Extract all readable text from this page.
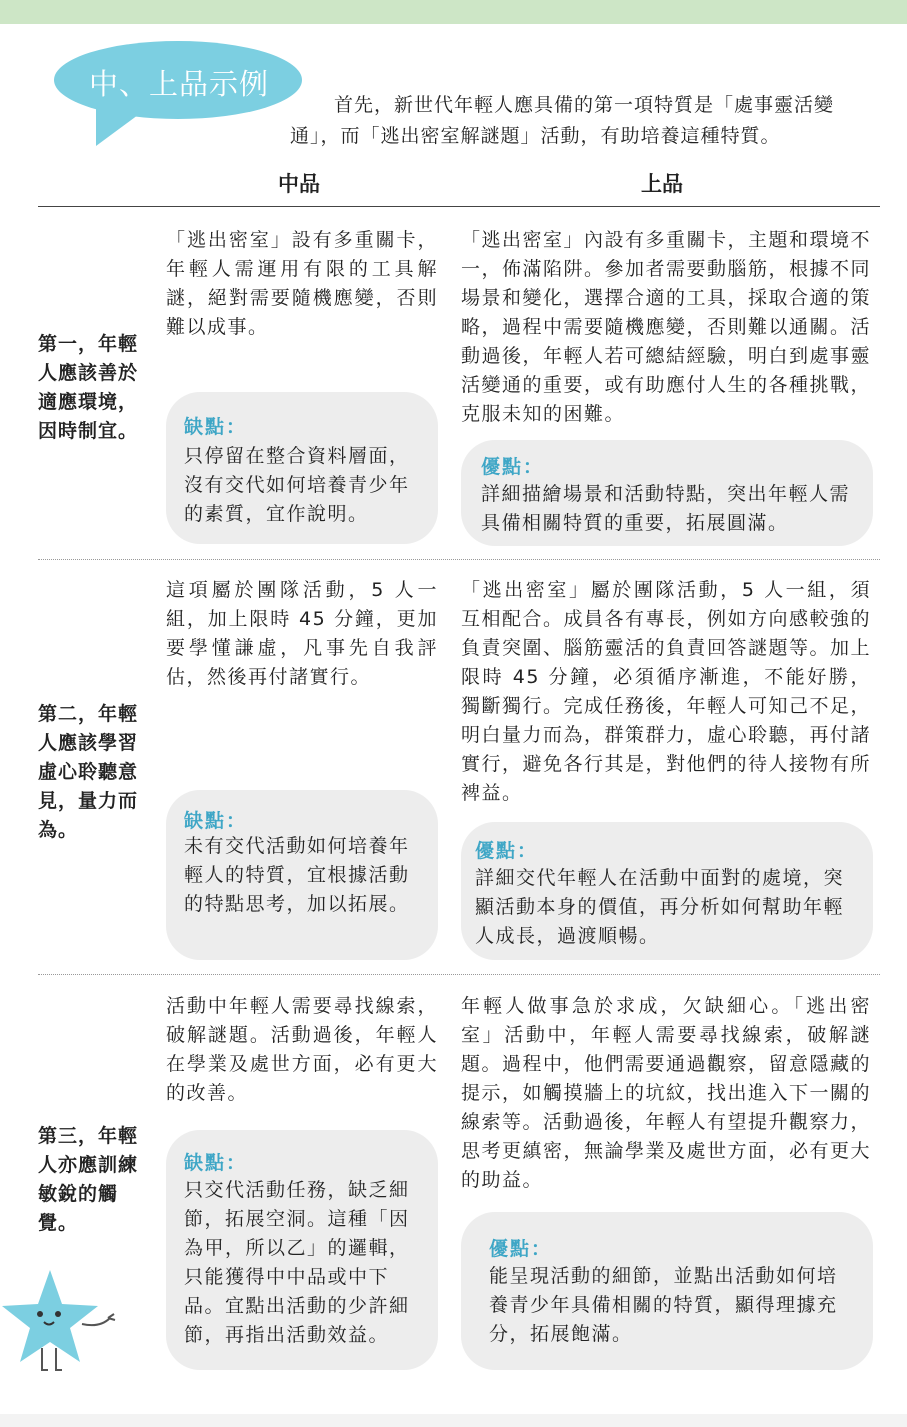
中、上品示例
首先，新世代年輕人應具備的第一項特質是「處事靈活變通」，而「逃出密室解謎題」活動，有助培養這種特質。
中品	上品
第一，年輕人應該善於適應環境，因時制宜。
「逃出密室」設有多重關卡，年輕人需運用有限的工具解謎，絕對需要隨機應變，否則難以成事。
缺點：
只停留在整合資料層面，沒有交代如何培養青少年的素質，宜作說明。
「逃出密室」內設有多重關卡，主題和環境不一，佈滿陷阱。參加者需要動腦筋，根據不同場景和變化，選擇合適的工具，採取合適的策略，過程中需要隨機應變，否則難以通關。活動過後，年輕人若可總結經驗，明白到處事靈活變通的重要，或有助應付人生的各種挑戰，克服未知的困難。
優點：
詳細描繪場景和活動特點，突出年輕人需具備相關特質的重要，拓展圓滿。
第二，年輕人應該學習虛心聆聽意見，量力而為。
這項屬於團隊活動，5 人一組，加上限時 45 分鐘，更加要學懂謙虛，凡事先自我評估，然後再付諸實行。
缺點：
未有交代活動如何培養年輕人的特質，宜根據活動的特點思考，加以拓展。
「逃出密室」屬於團隊活動，5 人一組，須互相配合。成員各有專長，例如方向感較強的負責突圍、腦筋靈活的負責回答謎題等。加上限時 45 分鐘，必須循序漸進，不能好勝，獨斷獨行。完成任務後，年輕人可知己不足，明白量力而為，群策群力，虛心聆聽，再付諸實行，避免各行其是，對他們的待人接物有所裨益。
優點：
詳細交代年輕人在活動中面對的處境，突顯活動本身的價值，再分析如何幫助年輕人成長，過渡順暢。
第三，年輕人亦應訓練敏銳的觸覺。
活動中年輕人需要尋找線索，破解謎題。活動過後，年輕人在學業及處世方面，必有更大的改善。
缺點：
只交代活動任務，缺乏細節，拓展空洞。這種「因為甲，所以乙」的邏輯，只能獲得中中品或中下品。宜點出活動的少許細節，再指出活動效益。
年輕人做事急於求成，欠缺細心。「逃出密室」活動中，年輕人需要尋找線索，破解謎題。過程中，他們需要通過觀察，留意隱藏的提示，如觸摸牆上的坑紋，找出進入下一關的線索等。活動過後，年輕人有望提升觀察力，思考更縝密，無論學業及處世方面，必有更大的助益。
優點：
能呈現活動的細節，並點出活動如何培養青少年具備相關的特質，顯得理據充分，拓展飽滿。
